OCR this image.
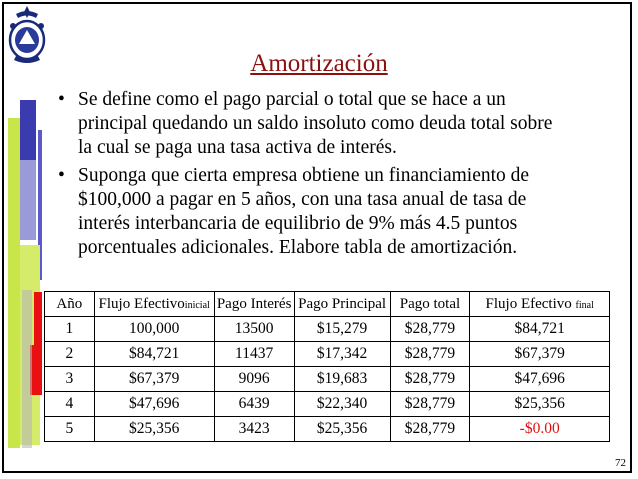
Amortización
• Se define como el pago parcial o total que se hace a un principal quedando un saldo insoluto como deuda total sobre la cual se paga una tasa activa de interés.
• Suponga que cierta empresa obtiene un financiamiento de $100,000 a pagar en 5 años, con una tasa anual de tasa de interés interbancaria de equilibrio de 9% más 4.5 puntos porcentuales adicionales. Elabore tabla de amortización.
Año	Flujo Efectivoinicial	Pago Interés	Pago Principal	Pago total	Flujo Efectivo final
1	100,000	13500	$15,279	$28,779	$84,721
2	$84,721	11437	$17,342	$28,779	$67,379
3	$67,379	9096	$19,683	$28,779	$47,696
4	$47,696	6439	$22,340	$28,779	$25,356
5	$25,356	3423	$25,356	$28,779	-$0.00
72
